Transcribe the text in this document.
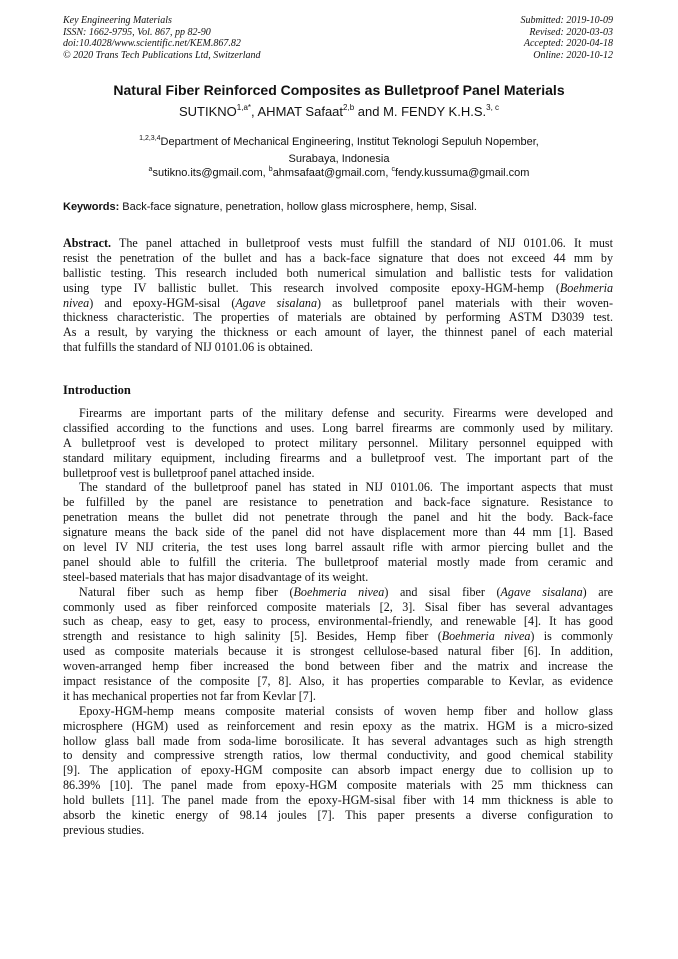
Key Engineering Materials
ISSN: 1662-9795, Vol. 867, pp 82-90
doi:10.4028/www.scientific.net/KEM.867.82
© 2020 Trans Tech Publications Ltd, Switzerland
Submitted: 2019-10-09
Revised: 2020-03-03
Accepted: 2020-04-18
Online: 2020-10-12
Natural Fiber Reinforced Composites as Bulletproof Panel Materials
$SUTIKNO^{1,a*}$, AHMAT Safaat$^{2,b}$ and M. FENDY K.H.S.$^{3, c}$
$^{1,2,3,4}$Department of Mechanical Engineering, Institut Teknologi Sepuluh Nopember,
Surabaya, Indonesia
$^a$sutikno.its@gmail.com, $^b$ahmsafaat@gmail.com, $^c$fendy.kussuma@gmail.com
Keywords: Back-face signature, penetration, hollow glass microsphere, hemp, Sisal.
Abstract. The panel attached in bulletproof vests must fulfill the standard of NIJ 0101.06. It must
resist the penetration of the bullet and has a back-face signature that does not exceed 44 mm by
ballistic testing. This research included both numerical simulation and ballistic tests for validation
using type IV ballistic bullet. This research involved composite epoxy-HGM-hemp (Boehmeria
nivea) and epoxy-HGM-sisal (Agave sisalana) as bulletproof panel materials with their woven-
thickness characteristic. The properties of materials are obtained by performing ASTM D3039 test.
As a result, by varying the thickness or each amount of layer, the thinnest panel of each material
that fulfills the standard of NIJ 0101.06 is obtained.
Introduction
Firearms are important parts of the military defense and security. Firearms were developed and
classified according to the functions and uses. Long barrel firearms are commonly used by military.
A bulletproof vest is developed to protect military personnel. Military personnel equipped with
standard military equipment, including firearms and a bulletproof vest. The important part of the
bulletproof vest is bulletproof panel attached inside.
The standard of the bulletproof panel has stated in NIJ 0101.06. The important aspects that must
be fulfilled by the panel are resistance to penetration and back-face signature. Resistance to
penetration means the bullet did not penetrate through the panel and hit the body. Back-face
signature means the back side of the panel did not have displacement more than 44 mm [1]. Based
on level IV NIJ criteria, the test uses long barrel assault rifle with armor piercing bullet and the
panel should able to fulfill the criteria. The bulletproof material mostly made from ceramic and
steel-based materials that has major disadvantage of its weight.
Natural fiber such as hemp fiber (Boehmeria nivea) and sisal fiber (Agave sisalana) are
commonly used as fiber reinforced composite materials [2, 3]. Sisal fiber has several advantages
such as cheap, easy to get, easy to process, environmental-friendly, and renewable [4]. It has good
strength and resistance to high salinity [5]. Besides, Hemp fiber (Boehmeria nivea) is commonly
used as composite materials because it is strongest cellulose-based natural fiber [6]. In addition,
woven-arranged hemp fiber increased the bond between fiber and the matrix and increase the
impact resistance of the composite [7, 8]. Also, it has properties comparable to Kevlar, as evidence
it has mechanical properties not far from Kevlar [7].
Epoxy-HGM-hemp means composite material consists of woven hemp fiber and hollow glass
microsphere (HGM) used as reinforcement and resin epoxy as the matrix. HGM is a micro-sized
hollow glass ball made from soda-lime borosilicate. It has several advantages such as high strength
to density and compressive strength ratios, low thermal conductivity, and good chemical stability
[9]. The application of epoxy-HGM composite can absorb impact energy due to collision up to
86.39% [10]. The panel made from epoxy-HGM composite materials with 25 mm thickness can
hold bullets [11]. The panel made from the epoxy-HGM-sisal fiber with 14 mm thickness is able to
absorb the kinetic energy of 98.14 joules [7]. This paper presents a diverse configuration to
previous studies.
